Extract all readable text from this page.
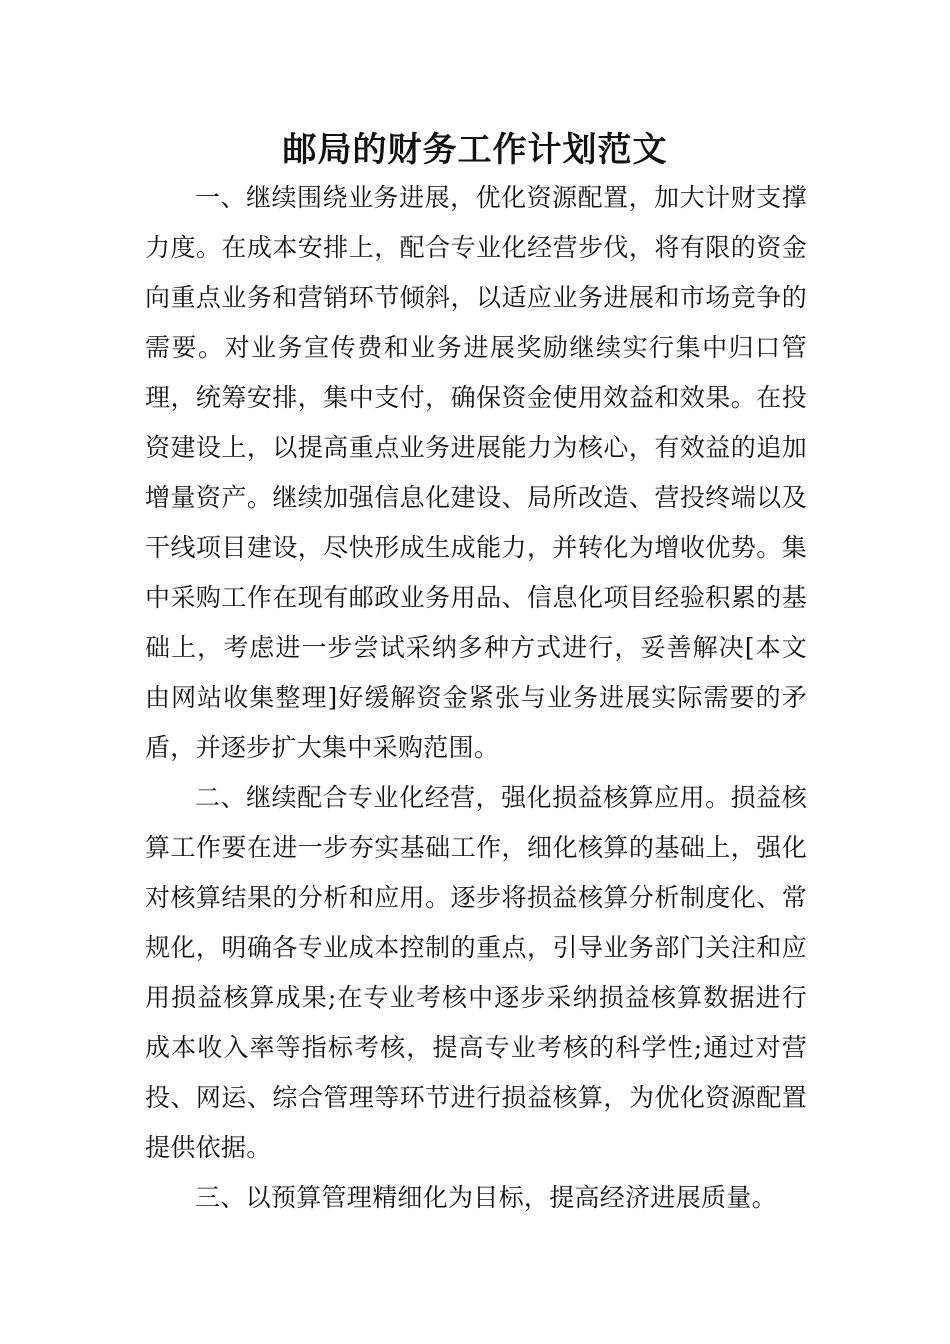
邮局的财务工作计划范文

一、继续围绕业务进展，优化资源配置，加大计财支撑力度。在成本安排上，配合专业化经营步伐，将有限的资金向重点业务和营销环节倾斜，以适应业务进展和市场竞争的需要。对业务宣传费和业务进展奖励继续实行集中归口管理，统筹安排，集中支付，确保资金使用效益和效果。在投资建设上，以提高重点业务进展能力为核心，有效益的追加增量资产。继续加强信息化建设、局所改造、营投终端以及干线项目建设，尽快形成生成能力，并转化为增收优势。集中采购工作在现有邮政业务用品、信息化项目经验积累的基础上，考虑进一步尝试采纳多种方式进行，妥善解决[本文由网站收集整理]好缓解资金紧张与业务进展实际需要的矛盾，并逐步扩大集中采购范围。

二、继续配合专业化经营，强化损益核算应用。损益核算工作要在进一步夯实基础工作，细化核算的基础上，强化对核算结果的分析和应用。逐步将损益核算分析制度化、常规化，明确各专业成本控制的重点，引导业务部门关注和应用损益核算成果;在专业考核中逐步采纳损益核算数据进行成本收入率等指标考核，提高专业考核的科学性;通过对营投、网运、综合管理等环节进行损益核算，为优化资源配置提供依据。

三、以预算管理精细化为目标，提高经济进展质量。
